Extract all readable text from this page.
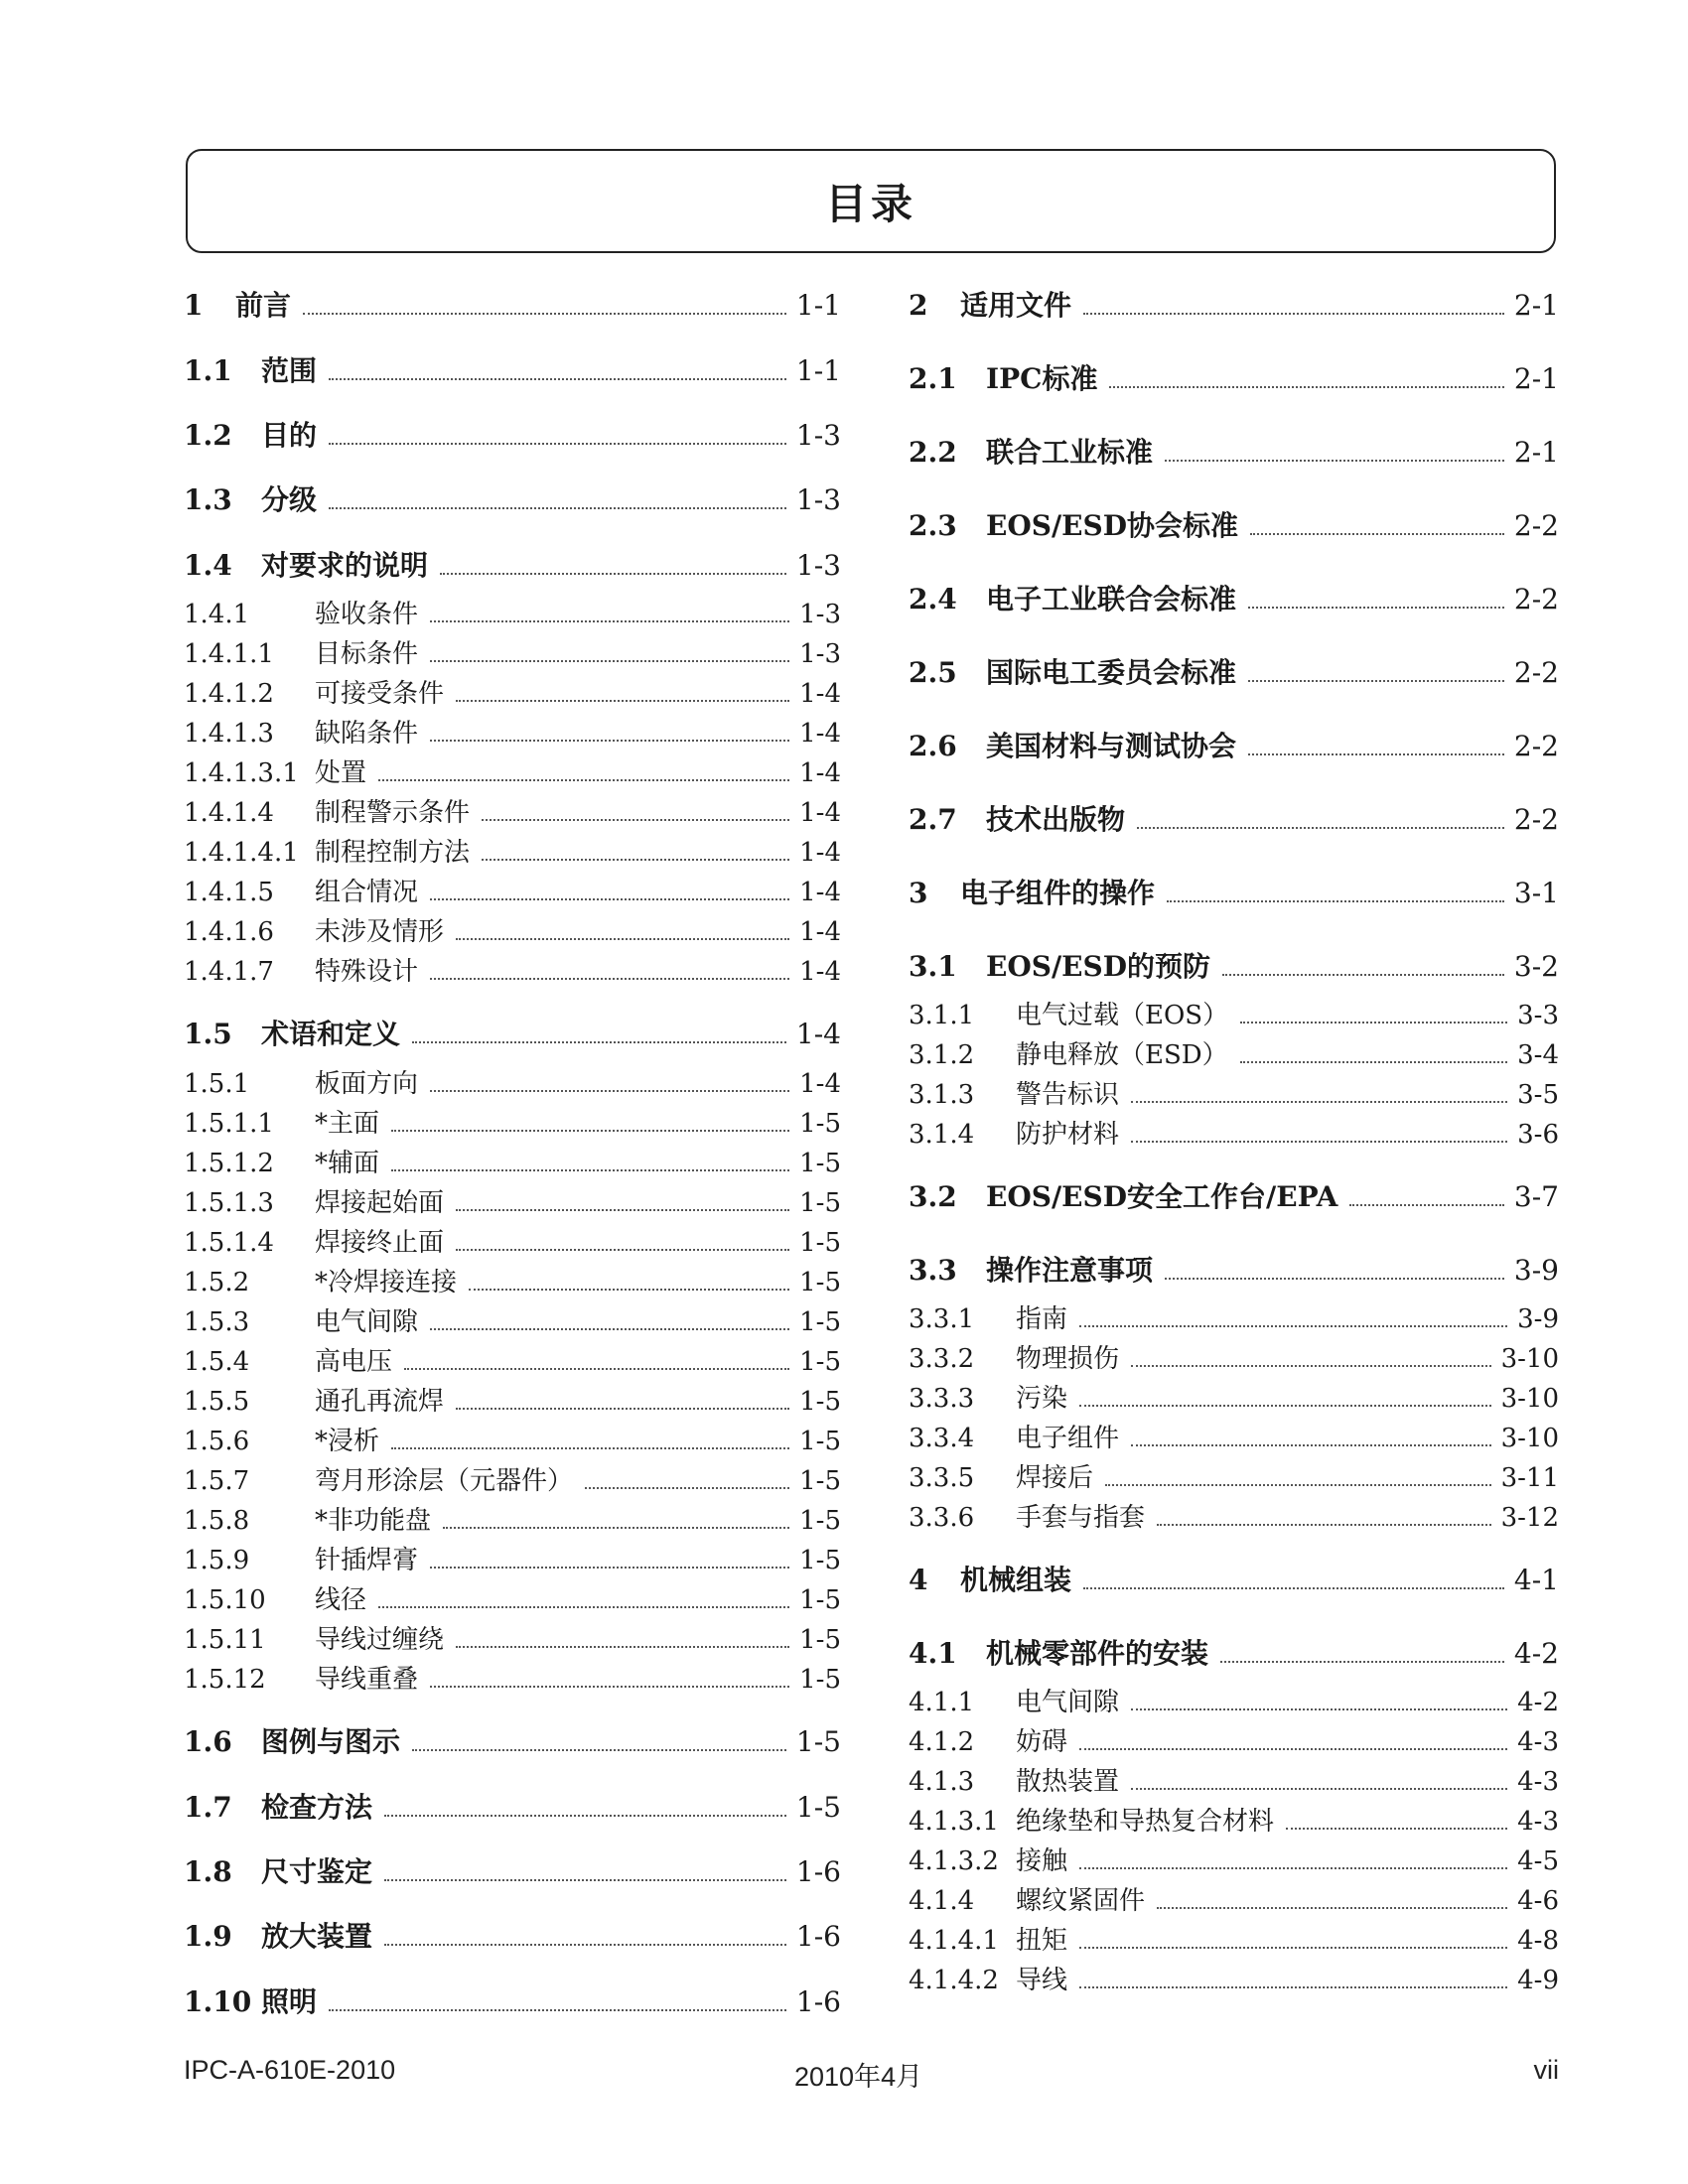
目录
1	前言	1-1
1.1	范围	1-1
1.2	目的	1-3
1.3	分级	1-3
1.4	对要求的说明	1-3
1.4.1	验收条件	1-3
1.4.1.1	目标条件	1-3
1.4.1.2	可接受条件	1-4
1.4.1.3	缺陷条件	1-4
1.4.1.3.1 处置	1-4
1.4.1.4	制程警示条件	1-4
1.4.1.4.1 制程控制方法	1-4
1.4.1.5	组合情况	1-4
1.4.1.6	未涉及情形	1-4
1.4.1.7	特殊设计	1-4
1.5	术语和定义	1-4
1.5.1	板面方向	1-4
1.5.1.1	*主面	1-5
1.5.1.2	*辅面	1-5
1.5.1.3	焊接起始面	1-5
1.5.1.4	焊接终止面	1-5
1.5.2	*冷焊接连接	1-5
1.5.3	电气间隙	1-5
1.5.4	高电压	1-5
1.5.5	通孔再流焊	1-5
1.5.6	*浸析	1-5
1.5.7	弯月形涂层（元器件）	1-5
1.5.8	*非功能盘	1-5
1.5.9	针插焊膏	1-5
1.5.10	线径	1-5
1.5.11	导线过缠绕	1-5
1.5.12	导线重叠	1-5
1.6	图例与图示	1-5
1.7	检查方法	1-5
1.8	尺寸鉴定	1-6
1.9	放大装置	1-6
1.10 照明	1-6
2	适用文件	2-1
2.1	IPC标准	2-1
2.2	联合工业标准	2-1
2.3	EOS/ESD协会标准	2-2
2.4	电子工业联合会标准	2-2
2.5	国际电工委员会标准	2-2
2.6	美国材料与测试协会	2-2
2.7	技术出版物	2-2
3	电子组件的操作	3-1
3.1	EOS/ESD的预防	3-2
3.1.1	电气过载（EOS）	3-3
3.1.2	静电释放（ESD）	3-4
3.1.3	警告标识	3-5
3.1.4	防护材料	3-6
3.2	EOS/ESD安全工作台/EPA	3-7
3.3	操作注意事项	3-9
3.3.1	指南	3-9
3.3.2	物理损伤	3-10
3.3.3	污染	3-10
3.3.4	电子组件	3-10
3.3.5	焊接后	3-11
3.3.6	手套与指套	3-12
4	机械组装	4-1
4.1	机械零部件的安装	4-2
4.1.1	电气间隙	4-2
4.1.2	妨碍	4-3
4.1.3	散热装置	4-3
4.1.3.1 绝缘垫和导热复合材料	4-3
4.1.3.2 接触	4-5
4.1.4	螺纹紧固件	4-6
4.1.4.1 扭矩	4-8
4.1.4.2 导线	4-9
IPC-A-610E-2010	2010年4月	vii
